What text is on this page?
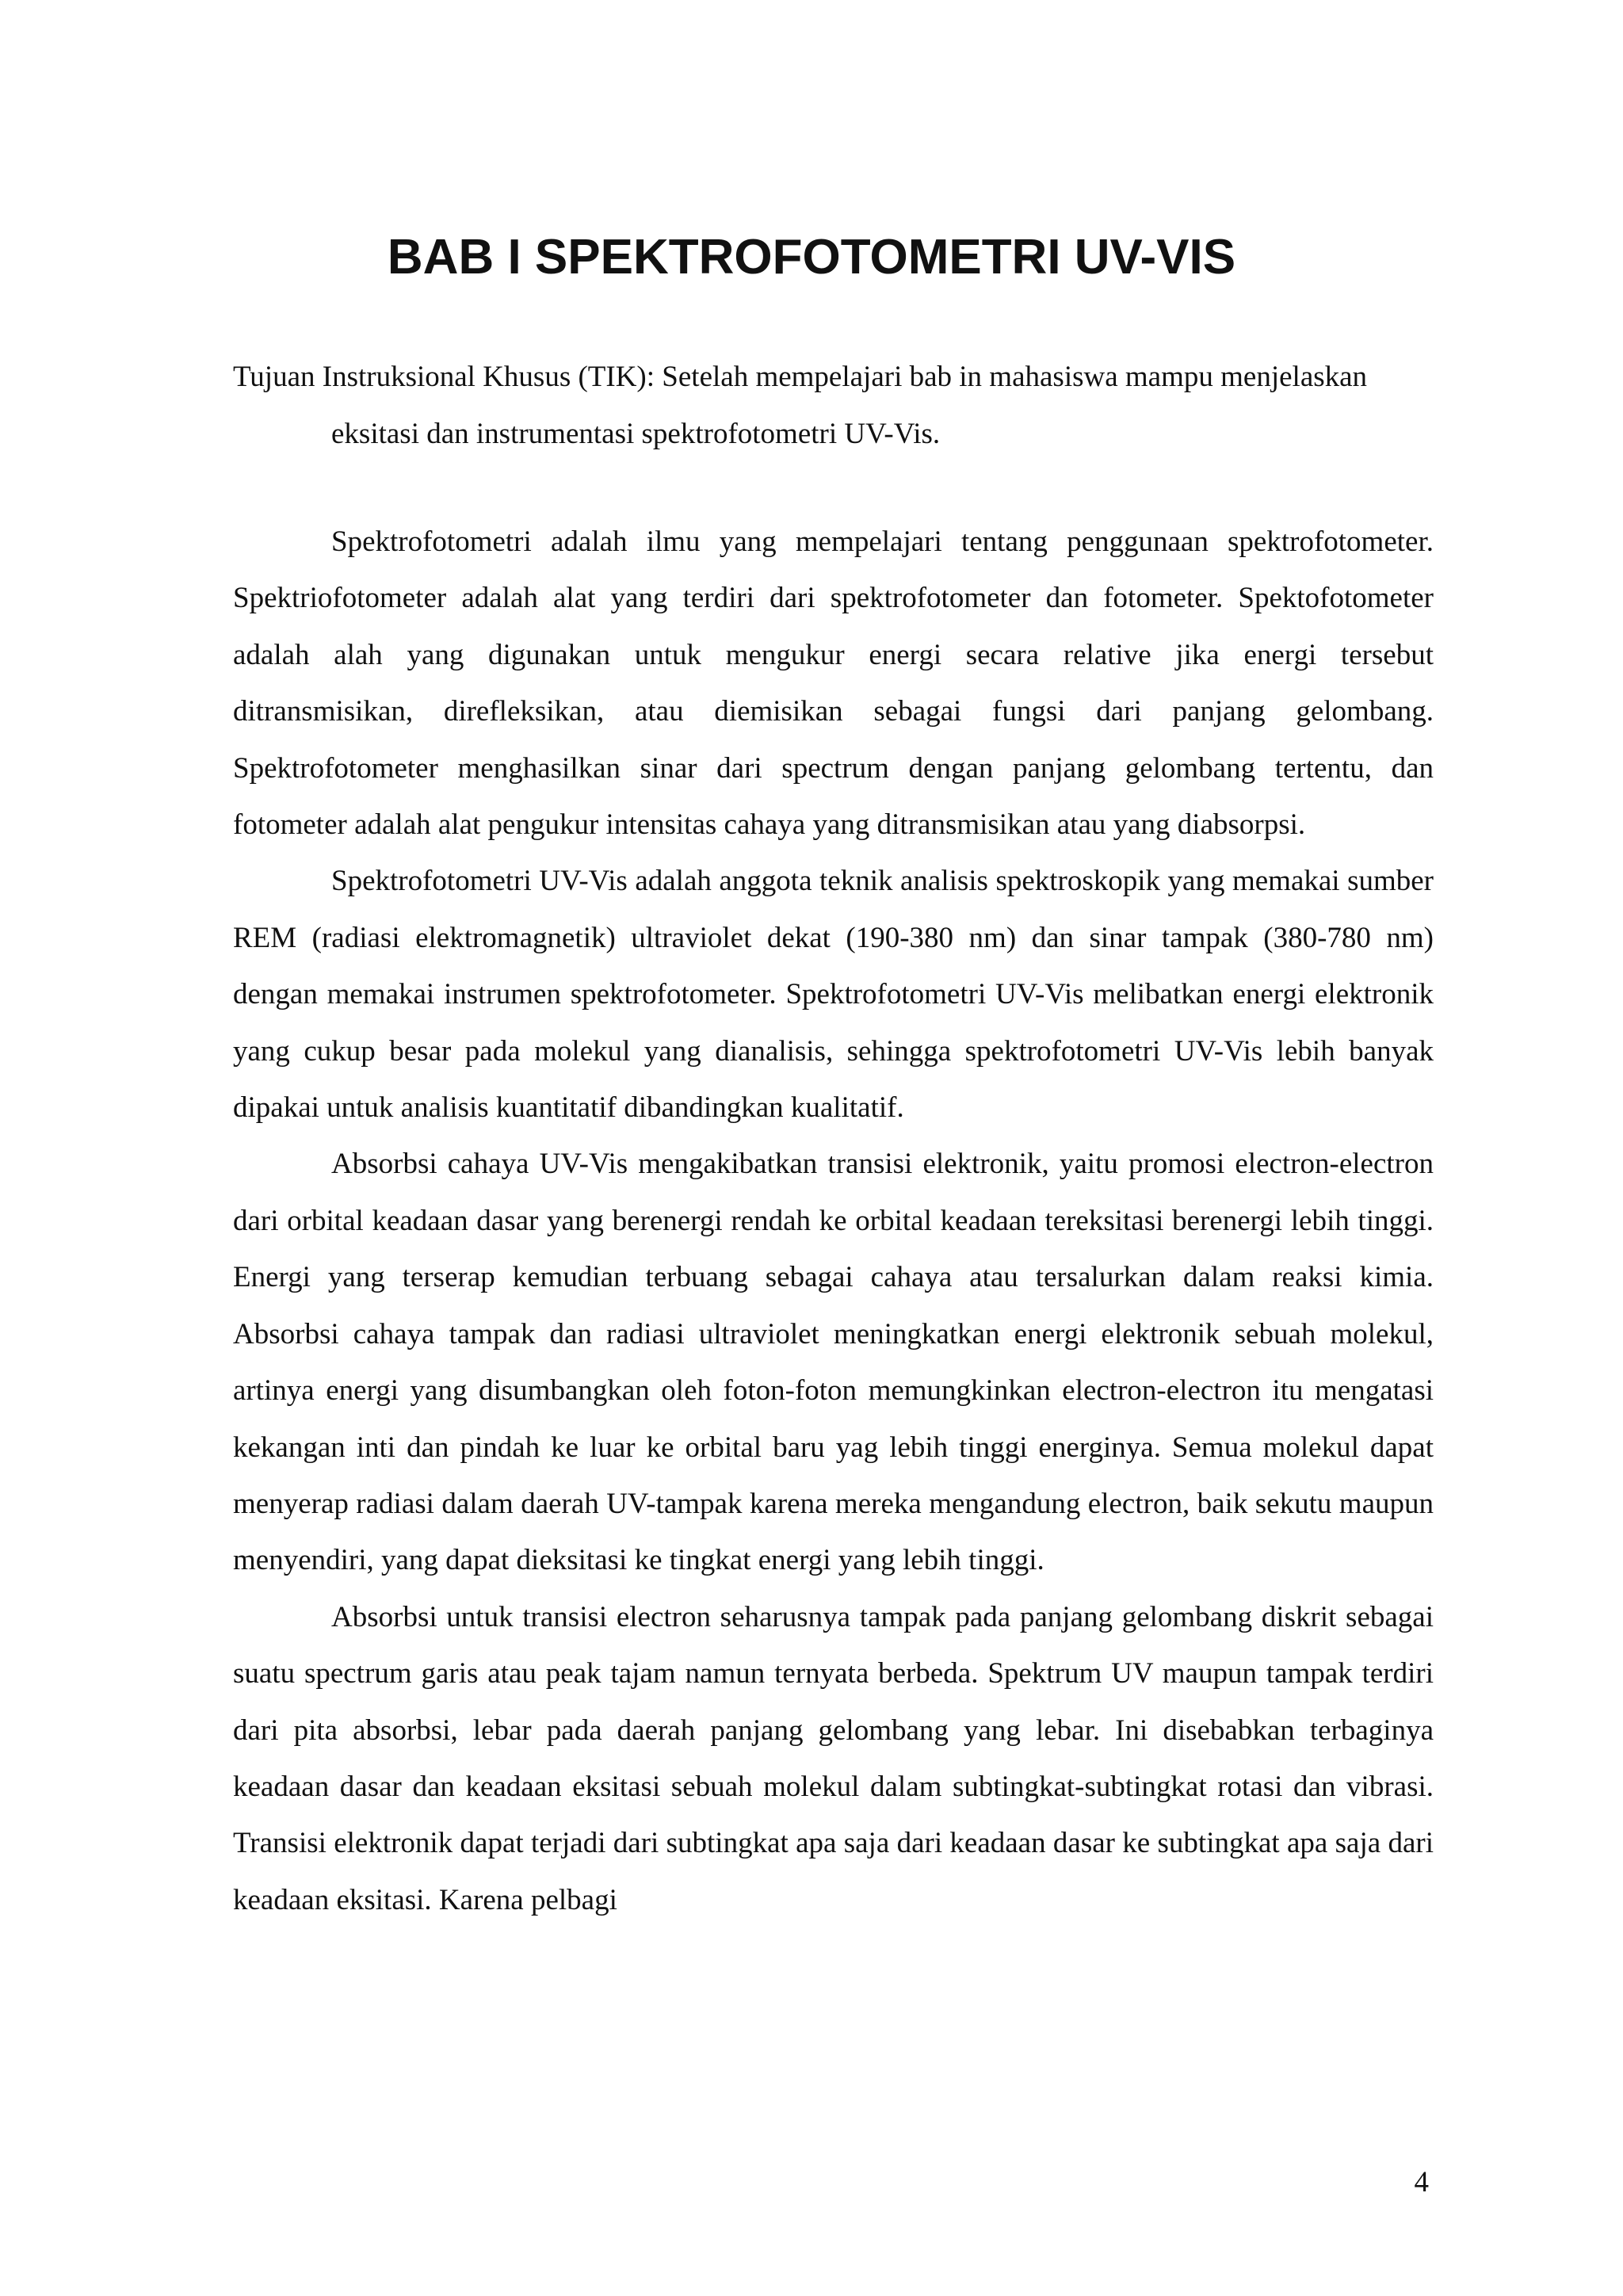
BAB I SPEKTROFOTOMETRI UV-VIS

Tujuan Instruksional Khusus (TIK): Setelah mempelajari bab in mahasiswa mampu menjelaskan eksitasi dan instrumentasi spektrofotometri UV-Vis.

Spektrofotometri adalah ilmu yang mempelajari tentang penggunaan spektrofotometer. Spektriofotometer adalah alat yang terdiri dari spektrofotometer dan fotometer. Spektofotometer adalah alah yang digunakan untuk mengukur energi secara relative jika energi tersebut ditransmisikan, direfleksikan, atau diemisikan sebagai fungsi dari panjang gelombang. Spektrofotometer menghasilkan sinar dari spectrum dengan panjang gelombang tertentu, dan fotometer adalah alat pengukur intensitas cahaya yang ditransmisikan atau yang diabsorpsi.

Spektrofotometri UV-Vis adalah anggota teknik analisis spektroskopik yang memakai sumber REM (radiasi elektromagnetik) ultraviolet dekat (190-380 nm) dan sinar tampak (380-780 nm) dengan memakai instrumen spektrofotometer. Spektrofotometri UV-Vis melibatkan energi elektronik yang cukup besar pada molekul yang dianalisis, sehingga spektrofotometri UV-Vis lebih banyak dipakai untuk analisis kuantitatif dibandingkan kualitatif.

Absorbsi cahaya UV-Vis mengakibatkan transisi elektronik, yaitu promosi electron-electron dari orbital keadaan dasar yang berenergi rendah ke orbital keadaan tereksitasi berenergi lebih tinggi. Energi yang terserap kemudian terbuang sebagai cahaya atau tersalurkan dalam reaksi kimia. Absorbsi cahaya tampak dan radiasi ultraviolet meningkatkan energi elektronik sebuah molekul, artinya energi yang disumbangkan oleh foton-foton memungkinkan electron-electron itu mengatasi kekangan inti dan pindah ke luar ke orbital baru yag lebih tinggi energinya. Semua molekul dapat menyerap radiasi dalam daerah UV-tampak karena mereka mengandung electron, baik sekutu maupun menyendiri, yang dapat dieksitasi ke tingkat energi yang lebih tinggi.

Absorbsi untuk transisi electron seharusnya tampak pada panjang gelombang diskrit sebagai suatu spectrum garis atau peak tajam namun ternyata berbeda. Spektrum UV maupun tampak terdiri dari pita absorbsi, lebar pada daerah panjang gelombang yang lebar. Ini disebabkan terbaginya keadaan dasar dan keadaan eksitasi sebuah molekul dalam subtingkat-subtingkat rotasi dan vibrasi. Transisi elektronik dapat terjadi dari subtingkat apa saja dari keadaan dasar ke subtingkat apa saja dari keadaan eksitasi. Karena pelbagi

4
